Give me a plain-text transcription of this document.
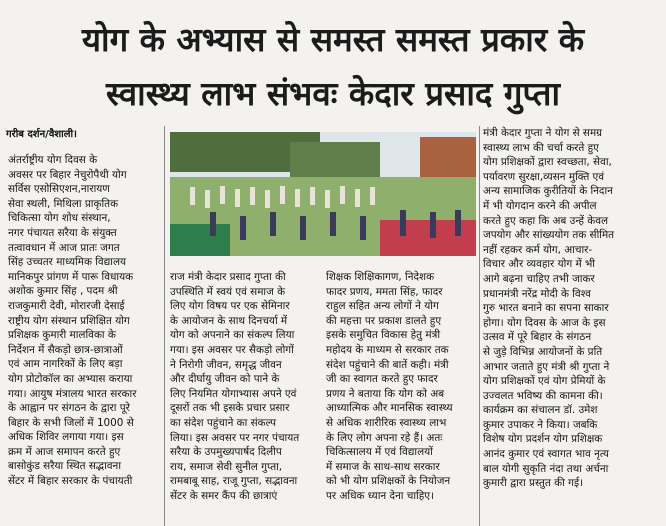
योग के अभ्यास से समस्त समस्त प्रकार के
स्वास्थ्य लाभ संभवः केदार प्रसाद गुप्ता
गरीब दर्शन/वैशाली।

अंतर्राष्ट्रीय योग दिवस के
अवसर पर बिहार नेचुरोपैथी योग
सर्विस एसोसिएशन,नारायण
सेवा स्थली, मिथिला प्राकृतिक
चिकित्सा योग शोध संस्थान,
नगर पंचायत सरैया के संयुक्त
तत्वावधान में आज प्रातः जगत
सिंह उच्चतर माध्यमिक विद्यालय
मानिकपुर प्रांगण में पारू विधायक
अशोक कुमार सिंह , पदम श्री
राजकुमारी देवी, मोरारजी देसाई
राष्ट्रीय योग संस्थान प्रशिक्षित योग
प्रशिक्षक कुमारी मालविका के
निर्देशन में सैकड़ो छात्र-छात्राओं
एवं आम नागरिकों के लिए बड़ा
योग प्रोटोकॉल का अभ्यास कराया
गया। आयुष मंत्रालय भारत सरकार
के आह्वान पर संगठन के द्वारा पूरे
बिहार के सभी जिलों में 1000 से
अधिक शिविर लगाया गया। इस
क्रम में आज समापन करते हुए
बासोकुंड सरैया स्थित सद्भावना
सेंटर में बिहार सरकार के पंचायती

राज मंत्री केदार प्रसाद गुप्ता की
उपस्थिति में स्वयं एवं समाज के
लिए योग विषय पर एक सेमिनार
के आयोजन के साथ दिनचर्या में
योग को अपनाने का संकल्प लिया
गया। इस अवसर पर सैकड़ो लोगों
ने निरोगी जीवन, समृद्ध जीवन
और दीर्घायु जीवन को पाने के
लिए नियमित योगाभ्यास अपने एवं
दूसरों तक भी इसके प्रचार प्रसार
का संदेश पहुंचाने का संकल्प
लिया। इस अवसर पर नगर पंचायत
सरैया के उपमुख्यपार्षद दिलीप
राय, समाज सेवी सुनील गुप्ता,
रामबाबू साह, राजू गुप्ता, सद्भावना
सेंटर के समर कैंप की छात्राएं

शिक्षक शिक्षिकागण, निदेशक
फादर प्रणय, ममता सिंह, फादर
राहुल सहित अन्य लोगों ने योग
की महत्ता पर प्रकाश डालते हुए
इसके समुचित विकास हेतु मंत्री
महोदय के माध्यम से सरकार तक
संदेश पहुंचाने की बातें कही। मंत्री
जी का स्वागत करते हुए फादर
प्रणय ने बताया कि योग को अब
आध्यात्मिक और मानसिक स्वास्थ्य
से अधिक शारीरिक स्वास्थ्य लाभ
के लिए लोग अपना रहे हैं। अतः
चिकित्सालय में एवं विद्यालयों
में समाज के साथ-साथ सरकार
को भी योग प्रशिक्षकों के नियोजन
पर अधिक ध्यान देना चाहिए।

मंत्री केदार गुप्ता ने योग से समग्र
स्वास्थ्य लाभ की चर्चा करते हुए
योग प्रशिक्षकों द्वारा स्वच्छता, सेवा,
पर्यावरण सुरक्षा,व्यसन मुक्ति एवं
अन्य सामाजिक कुरीतियों के निदान
में भी योगदान करने की अपील
करते हुए कहा कि अब उन्हें केवल
जपयोग और सांख्ययोग तक सीमित
नहीं रहकर कर्म योग, आचार-
विचार और व्यवहार योग में भी
आगे बढ़ना चाहिए तभी जाकर
प्रधानमंत्री नरेंद्र मोदी के विश्व
गुरु भारत बनाने का सपना साकार
होगा। योग दिवस के आज के इस
उत्सव में पूरे बिहार के संगठन
से जुड़े विभिन्न आयोजनों के प्रति
आभार जताते हुए मंत्री श्री गुप्ता ने
योग प्रशिक्षकों एवं योग प्रेमियों के
उज्वलत भविष्य की कामना की।
कार्यक्रम का संचालन डॉ. उमेश
कुमार उपाकर ने किया। जबकि
विशेष योग प्रदर्शन योग प्रशिक्षक
आनंद कुमार एवं स्वागत भाव नृत्य
बाल योगी सुकृति नंदा तथा अर्चना
कुमारी द्वारा प्रस्तुत की गई।
